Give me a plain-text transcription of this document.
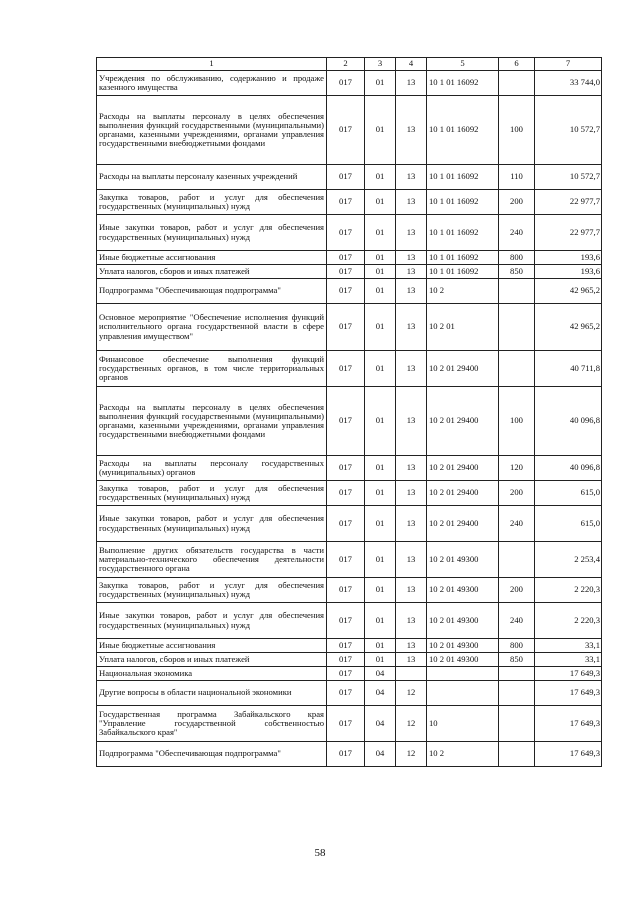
1	2	3	4	5	6	7
Учреждения по обслуживанию, содержанию и продаже казенного имущества	017	01	13	10 1 01 16092		33 744,0
Расходы на выплаты персоналу в целях обеспечения выполнения функций государственными (муниципальными) органами, казенными учреждениями, органами управления государственными внебюджетными фондами	017	01	13	10 1 01 16092	100	10 572,7
Расходы на выплаты персоналу казенных учреждений	017	01	13	10 1 01 16092	110	10 572,7
Закупка товаров, работ и услуг для обеспечения государственных (муниципальных) нужд	017	01	13	10 1 01 16092	200	22 977,7
Иные закупки товаров, работ и услуг для обеспечения государственных (муниципальных) нужд	017	01	13	10 1 01 16092	240	22 977,7
Иные бюджетные ассигнования	017	01	13	10 1 01 16092	800	193,6
Уплата налогов, сборов и иных платежей	017	01	13	10 1 01 16092	850	193,6
Подпрограмма "Обеспечивающая подпрограмма"	017	01	13	10 2		42 965,2
Основное мероприятие "Обеспечение исполнения функций исполнительного органа государственной власти в сфере управления имуществом"	017	01	13	10 2 01		42 965,2
Финансовое обеспечение выполнения функций государственных органов, в том числе территориальных органов	017	01	13	10 2 01 29400		40 711,8
Расходы на выплаты персоналу в целях обеспечения выполнения функций государственными (муниципальными) органами, казенными учреждениями, органами управления государственными внебюджетными фондами	017	01	13	10 2 01 29400	100	40 096,8
Расходы на выплаты персоналу государственных (муниципальных) органов	017	01	13	10 2 01 29400	120	40 096,8
Закупка товаров, работ и услуг для обеспечения государственных (муниципальных) нужд	017	01	13	10 2 01 29400	200	615,0
Иные закупки товаров, работ и услуг для обеспечения государственных (муниципальных) нужд	017	01	13	10 2 01 29400	240	615,0
Выполнение других обязательств государства в части материально-технического обеспечения деятельности государственного органа	017	01	13	10 2 01 49300		2 253,4
Закупка товаров, работ и услуг для обеспечения государственных (муниципальных) нужд	017	01	13	10 2 01 49300	200	2 220,3
Иные закупки товаров, работ и услуг для обеспечения государственных (муниципальных) нужд	017	01	13	10 2 01 49300	240	2 220,3
Иные бюджетные ассигнования	017	01	13	10 2 01 49300	800	33,1
Уплата налогов, сборов и иных платежей	017	01	13	10 2 01 49300	850	33,1
Национальная экономика	017	04				17 649,3
Другие вопросы в области национальной экономики	017	04	12			17 649,3
Государственная программа Забайкальского края "Управление государственной собственностью Забайкальского края"	017	04	12	10		17 649,3
Подпрограмма "Обеспечивающая подпрограмма"	017	04	12	10 2		17 649,3
58
